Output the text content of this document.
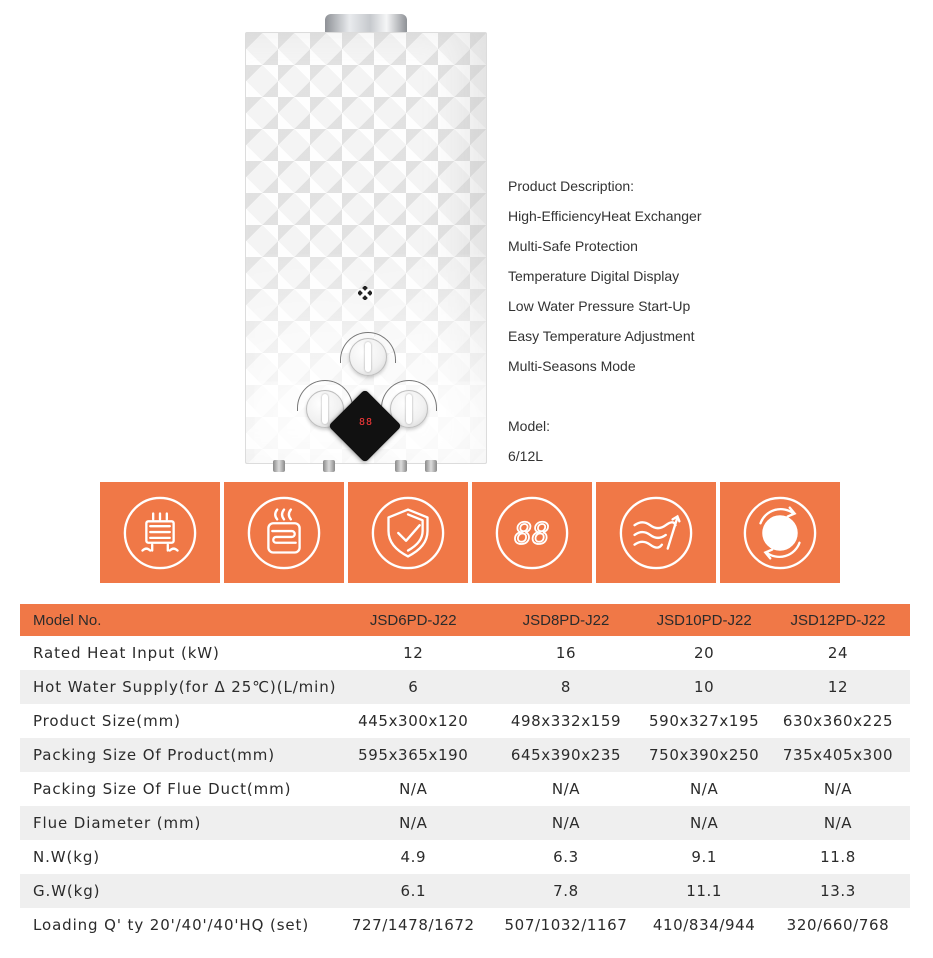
88
Product Description:
High-EfficiencyHeat Exchanger
Multi-Safe Protection
Temperature Digital Display
Low Water Pressure Start-Up
Easy Temperature Adjustment
Multi-Seasons Mode
Model:
6/12L
88
Model No.	JSD6PD-J22	JSD8PD-J22	JSD10PD-J22	JSD12PD-J22
Rated Heat Input (kW)	12	16	20	24
Hot Water Supply(for Δ 25℃)(L/min)	6	8	10	12
Product Size(mm)	445x300x120	498x332x159	590x327x195	630x360x225
Packing Size Of Product(mm)	595x365x190	645x390x235	750x390x250	735x405x300
Packing Size Of Flue Duct(mm)	N/A	N/A	N/A	N/A
Flue Diameter (mm)	N/A	N/A	N/A	N/A
N.W(kg)	4.9	6.3	9.1	11.8
G.W(kg)	6.1	7.8	11.1	13.3
Loading Q' ty 20'/40'/40'HQ (set)	727/1478/1672	507/1032/1167	410/834/944	320/660/768
